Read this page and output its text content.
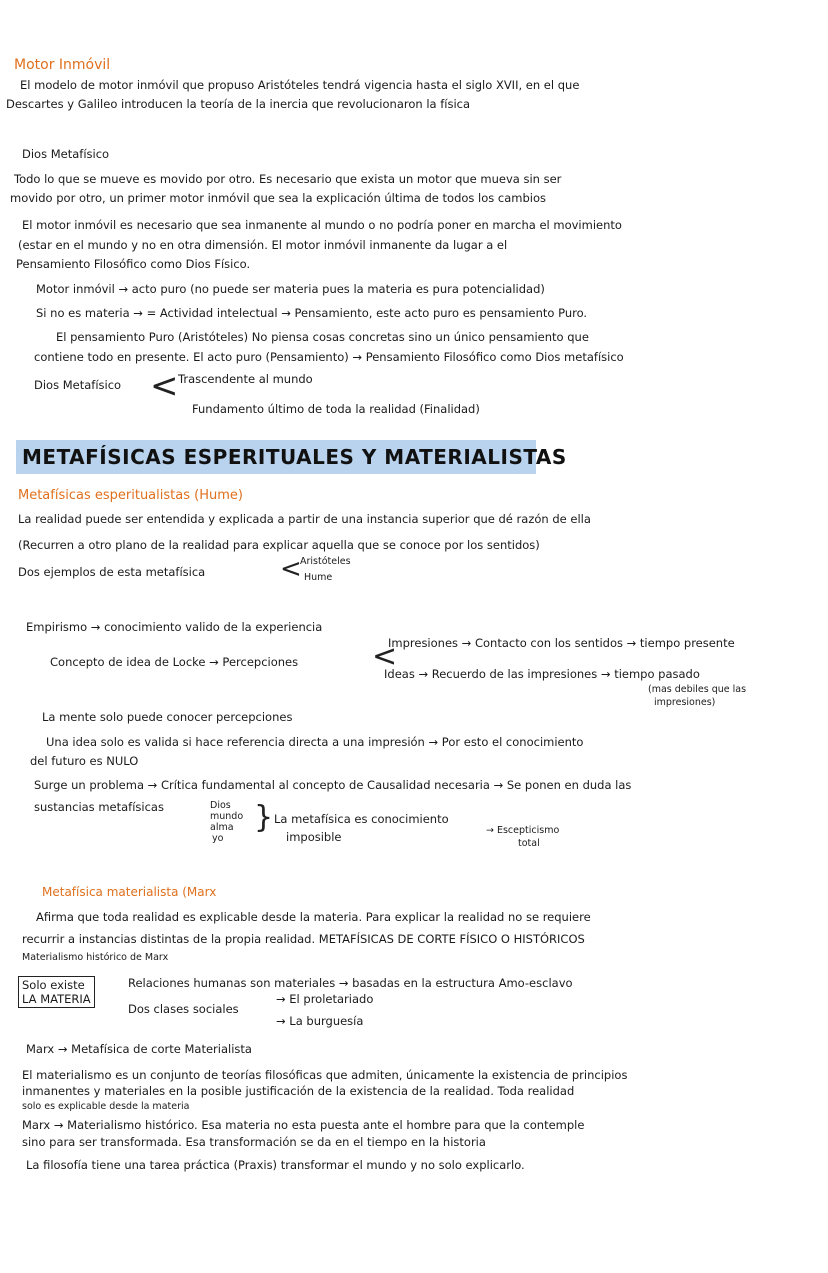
Motor Inmóvil
El modelo de motor inmóvil que propuso Aristóteles tendrá vigencia hasta el siglo XVII, en el que
Descartes y Galileo introducen la teoría de la inercia que revolucionaron la física
Dios Metafísico
Todo lo que se mueve es movido por otro. Es necesario que exista un motor que mueva sin ser
movido por otro, un primer motor inmóvil que sea la explicación última de todos los cambios
El motor inmóvil es necesario que sea inmanente al mundo o no podría poner en marcha el movimiento
(estar en el mundo y no en otra dimensión. El motor inmóvil inmanente da lugar a el
Pensamiento Filosófico como Dios Físico.
Motor inmóvil → acto puro (no puede ser materia pues la materia es pura potencialidad)
Si no es materia → = Actividad intelectual → Pensamiento, este acto puro es pensamiento Puro.
El pensamiento Puro (Aristóteles) No piensa cosas concretas sino un único pensamiento que
contiene todo en presente. El acto puro (Pensamiento) → Pensamiento Filosófico como Dios metafísico
Dios Metafísico < Trascendente al mundo
Fundamento último de toda la realidad (Finalidad)
METAFÍSICAS ESPERITUALES Y MATERIALISTAS
Metafísicas esperitualistas (Hume)
La realidad puede ser entendida y explicada a partir de una instancia superior que dé razón de ella
(Recurren a otro plano de la realidad para explicar aquella que se conoce por los sentidos)
Dos ejemplos de esta metafísica	<
Aristóteles
Hume
Empirismo → conocimiento valido de la experiencia
Concepto de idea de Locke → Percepciones <
Impresiones → Contacto con los sentidos → tiempo presente
Ideas → Recuerdo de las impresiones → tiempo pasado
(mas debiles que las
impresiones)
La mente solo puede conocer percepciones
Una idea solo es valida si hace referencia directa a una impresión → Por esto el conocimiento
del futuro es NULO
Surge un problema → Crítica fundamental al concepto de Causalidad necesaria → Se ponen en duda las
sustancias metafísicas	Dios
mundo
alma
yo
} La metafísica es conocimiento
imposible	→ Escepticismo
total
Metafísica materialista (Marx
Afirma que toda realidad es explicable desde la materia. Para explicar la realidad no se requiere
recurrir a instancias distintas de la propia realidad. METAFÍSICAS DE CORTE FÍSICO O HISTÓRICOS
Materialismo histórico de Marx
Solo existe
LA MATERIA
Relaciones humanas son materiales → basadas en la estructura Amo-esclavo
Dos clases sociales
→ El proletariado
→ La burguesía
Marx → Metafísica de corte Materialista
El materialismo es un conjunto de teorías filosóficas que admiten, únicamente la existencia de principios
inmanentes y materiales en la posible justificación de la existencia de la realidad. Toda realidad
solo es explicable desde la materia
Marx → Materialismo histórico. Esa materia no esta puesta ante el hombre para que la contemple
sino para ser transformada. Esa transformación se da en el tiempo en la historia
La filosofía tiene una tarea práctica (Praxis) transformar el mundo y no solo explicarlo.
